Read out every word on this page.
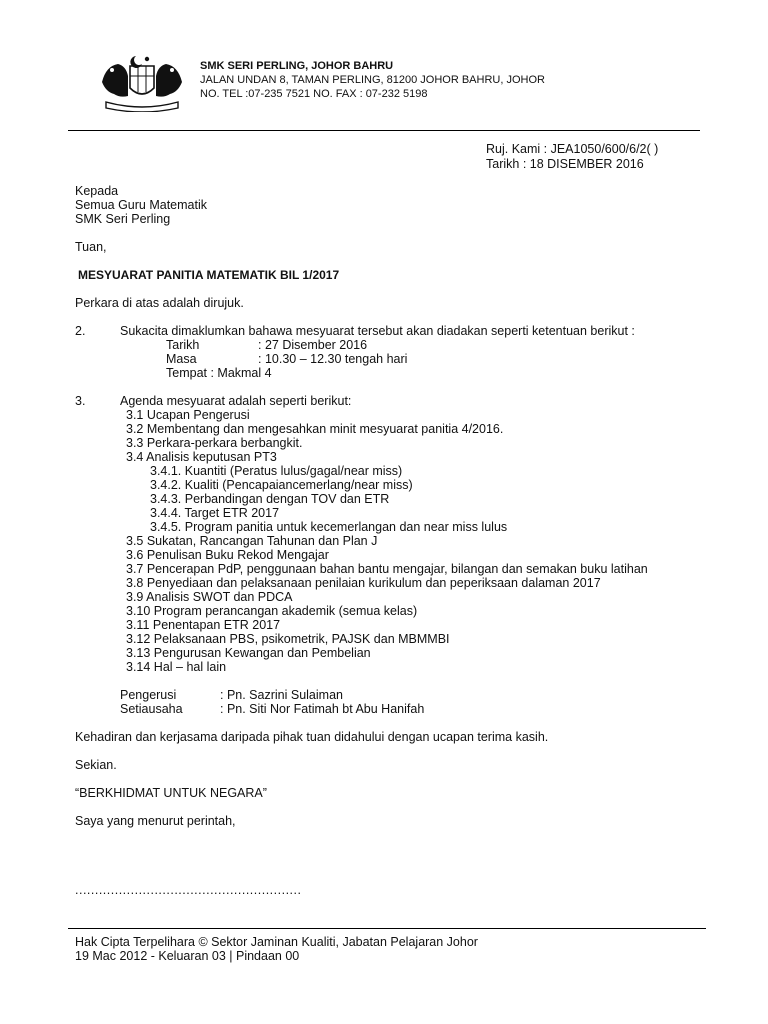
SMK SERI PERLING, JOHOR BAHRU
JALAN UNDAN 8, TAMAN PERLING, 81200 JOHOR BAHRU, JOHOR
NO. TEL :07-235 7521 NO. FAX : 07-232 5198
Ruj. Kami : JEA1050/600/6/2( )
Tarikh : 18 DISEMBER 2016
Kepada
Semua Guru Matematik
SMK Seri Perling
Tuan,
MESYUARAT PANITIA MATEMATIK BIL 1/2017
Perkara di atas adalah dirujuk.
2.	Sukacita dimaklumkan bahawa mesyuarat tersebut akan diadakan seperti ketentuan berikut :
Tarikh	: 27 Disember 2016
Masa	: 10.30 – 12.30 tengah hari
Tempat : Makmal 4
3.	Agenda mesyuarat adalah seperti berikut:
3.1 Ucapan Pengerusi
3.2 Membentang dan mengesahkan minit mesyuarat panitia 4/2016.
3.3 Perkara-perkara berbangkit.
3.4 Analisis keputusan PT3
3.4.1. Kuantiti (Peratus lulus/gagal/near miss)
3.4.2. Kualiti (Pencapaiancemerlang/near miss)
3.4.3. Perbandingan dengan TOV dan ETR
3.4.4. Target ETR 2017
3.4.5. Program panitia untuk kecemerlangan dan near miss lulus
3.5 Sukatan, Rancangan Tahunan dan Plan J
3.6 Penulisan Buku Rekod Mengajar
3.7 Pencerapan PdP, penggunaan bahan bantu mengajar, bilangan dan semakan buku latihan
3.8 Penyediaan dan pelaksanaan penilaian kurikulum dan peperiksaan dalaman 2017
3.9 Analisis SWOT dan PDCA
3.10 Program perancangan akademik (semua kelas)
3.11 Penentapan ETR 2017
3.12 Pelaksanaan PBS, psikometrik, PAJSK dan MBMMBI
3.13 Pengurusan Kewangan dan Pembelian
3.14 Hal – hal lain
Pengerusi	: Pn. Sazrini Sulaiman
Setiausaha	: Pn. Siti Nor Fatimah bt Abu Hanifah
Kehadiran dan kerjasama daripada pihak tuan didahului dengan ucapan terima kasih.
Sekian.
“BERKHIDMAT UNTUK NEGARA”
Saya yang menurut perintah,
.........................................................
Hak Cipta Terpelihara © Sektor Jaminan Kualiti, Jabatan Pelajaran Johor
19 Mac 2012 - Keluaran 03 | Pindaan 00
